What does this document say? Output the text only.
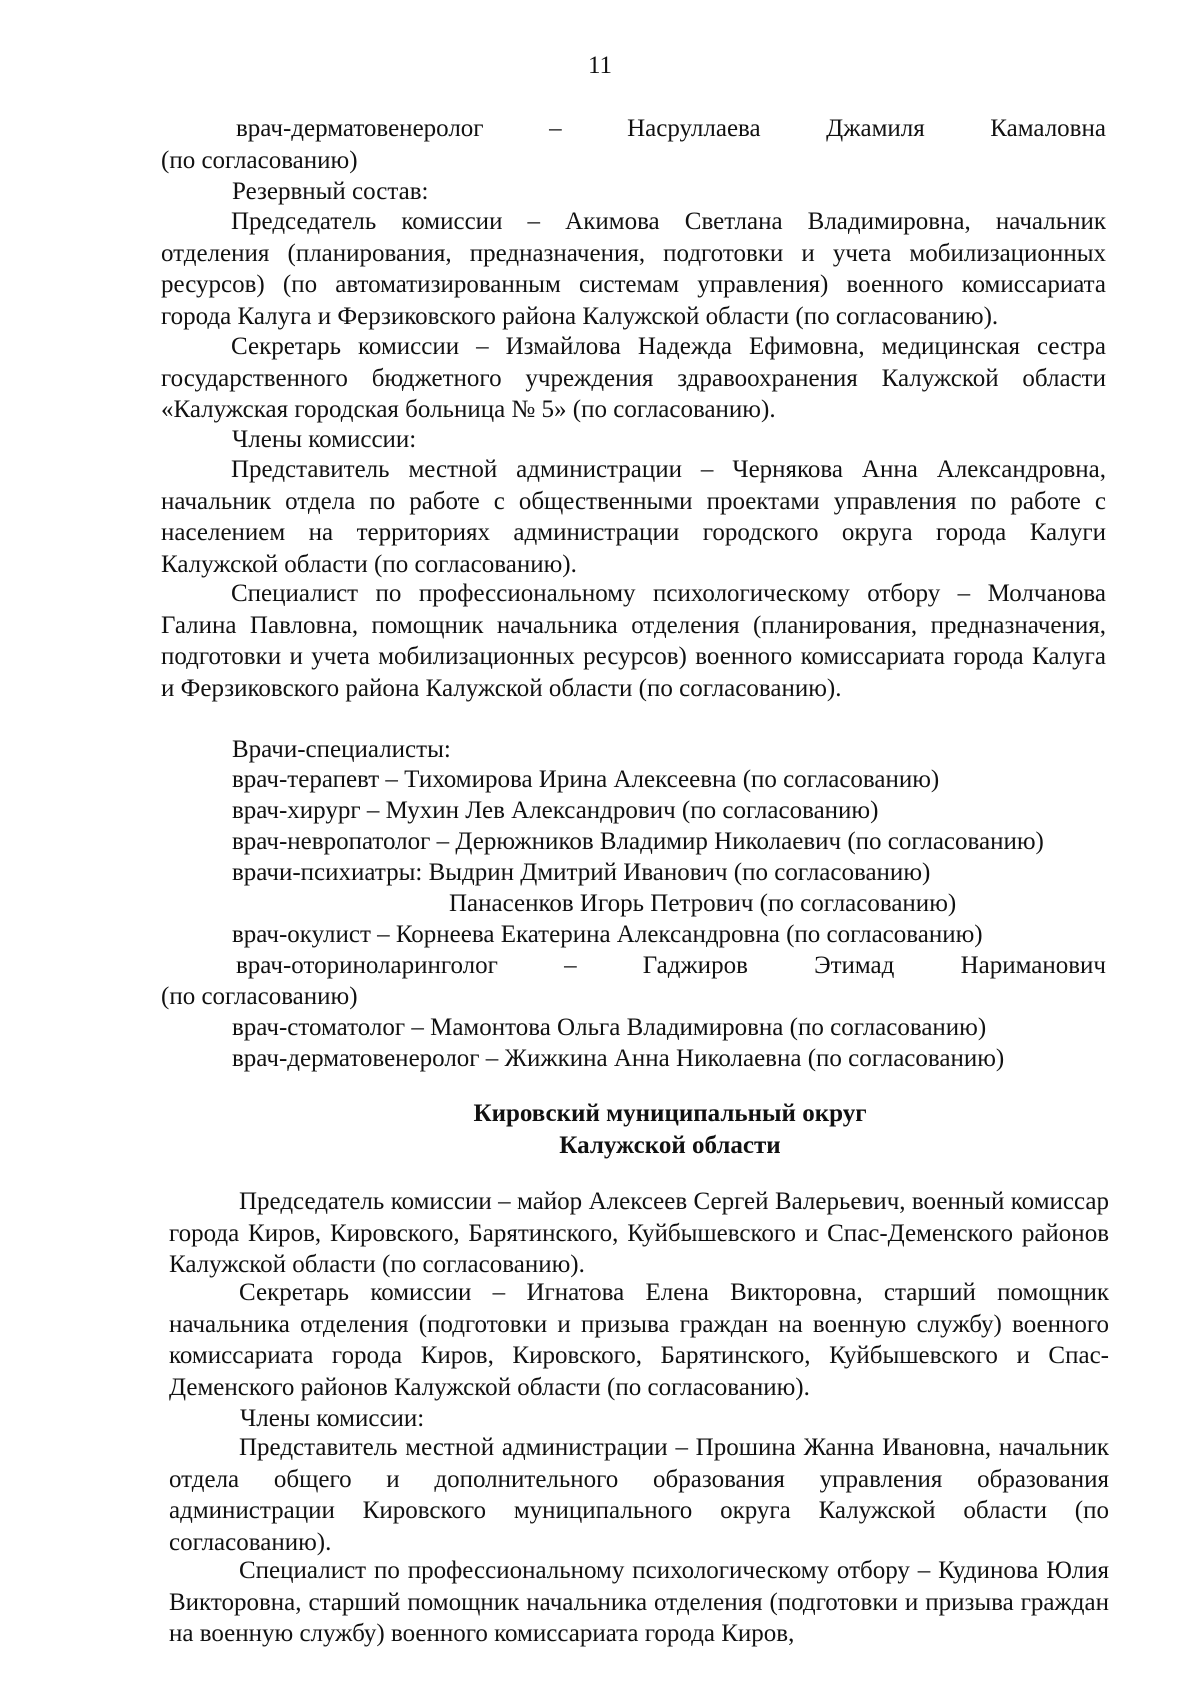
11
врач-дерматовенеролог	–	Насруллаева	Джамиля	Камаловна
(по согласованию)
Резервный состав:
Председатель комиссии – Акимова Светлана Владимировна, начальник отделения (планирования, предназначения, подготовки и учета мобилизационных ресурсов) (по автоматизированным системам управления) военного комиссариата города Калуга и Ферзиковского района Калужской области (по согласованию).
Секретарь комиссии – Измайлова Надежда Ефимовна, медицинская сестра государственного бюджетного учреждения здравоохранения Калужской области «Калужская городская больница № 5» (по согласованию).
Члены комиссии:
Представитель местной администрации – Чернякова Анна Александровна, начальник отдела по работе с общественными проектами управления по работе с населением на территориях администрации городского округа города Калуги Калужской области (по согласованию).
Специалист по профессиональному психологическому отбору – Молчанова Галина Павловна, помощник начальника отделения (планирования, предназначения, подготовки и учета мобилизационных ресурсов) военного комиссариата города Калуга и Ферзиковского района Калужской области (по согласованию).
Врачи-специалисты:
врач-терапевт – Тихомирова Ирина Алексеевна (по согласованию)
врач-хирург – Мухин Лев Александрович (по согласованию)
врач-невропатолог – Дерюжников Владимир Николаевич (по согласованию)
врачи-психиатры: Выдрин Дмитрий Иванович (по согласованию)
Панасенков Игорь Петрович (по согласованию)
врач-окулист – Корнеева Екатерина Александровна (по согласованию)
врач-оториноларинголог	–	Гаджиров	Этимад	Нариманович
(по согласованию)
врач-стоматолог – Мамонтова Ольга Владимировна (по согласованию)
врач-дерматовенеролог – Жижкина Анна Николаевна (по согласованию)
Кировский муниципальный округ
Калужской области
Председатель комиссии – майор Алексеев Сергей Валерьевич, военный комиссар города Киров, Кировского, Барятинского, Куйбышевского и Спас-Деменского районов Калужской области (по согласованию).
Секретарь комиссии – Игнатова Елена Викторовна, старший помощник начальника отделения (подготовки и призыва граждан на военную службу) военного комиссариата города Киров, Кировского, Барятинского, Куйбышевского и Спас-Деменского районов Калужской области (по согласованию).
Члены комиссии:
Представитель местной администрации – Прошина Жанна Ивановна, начальник отдела общего и дополнительного образования управления образования администрации Кировского муниципального округа Калужской области (по согласованию).
Специалист по профессиональному психологическому отбору – Кудинова Юлия Викторовна, старший помощник начальника отделения (подготовки и призыва граждан на военную службу) военного комиссариата города Киров,
